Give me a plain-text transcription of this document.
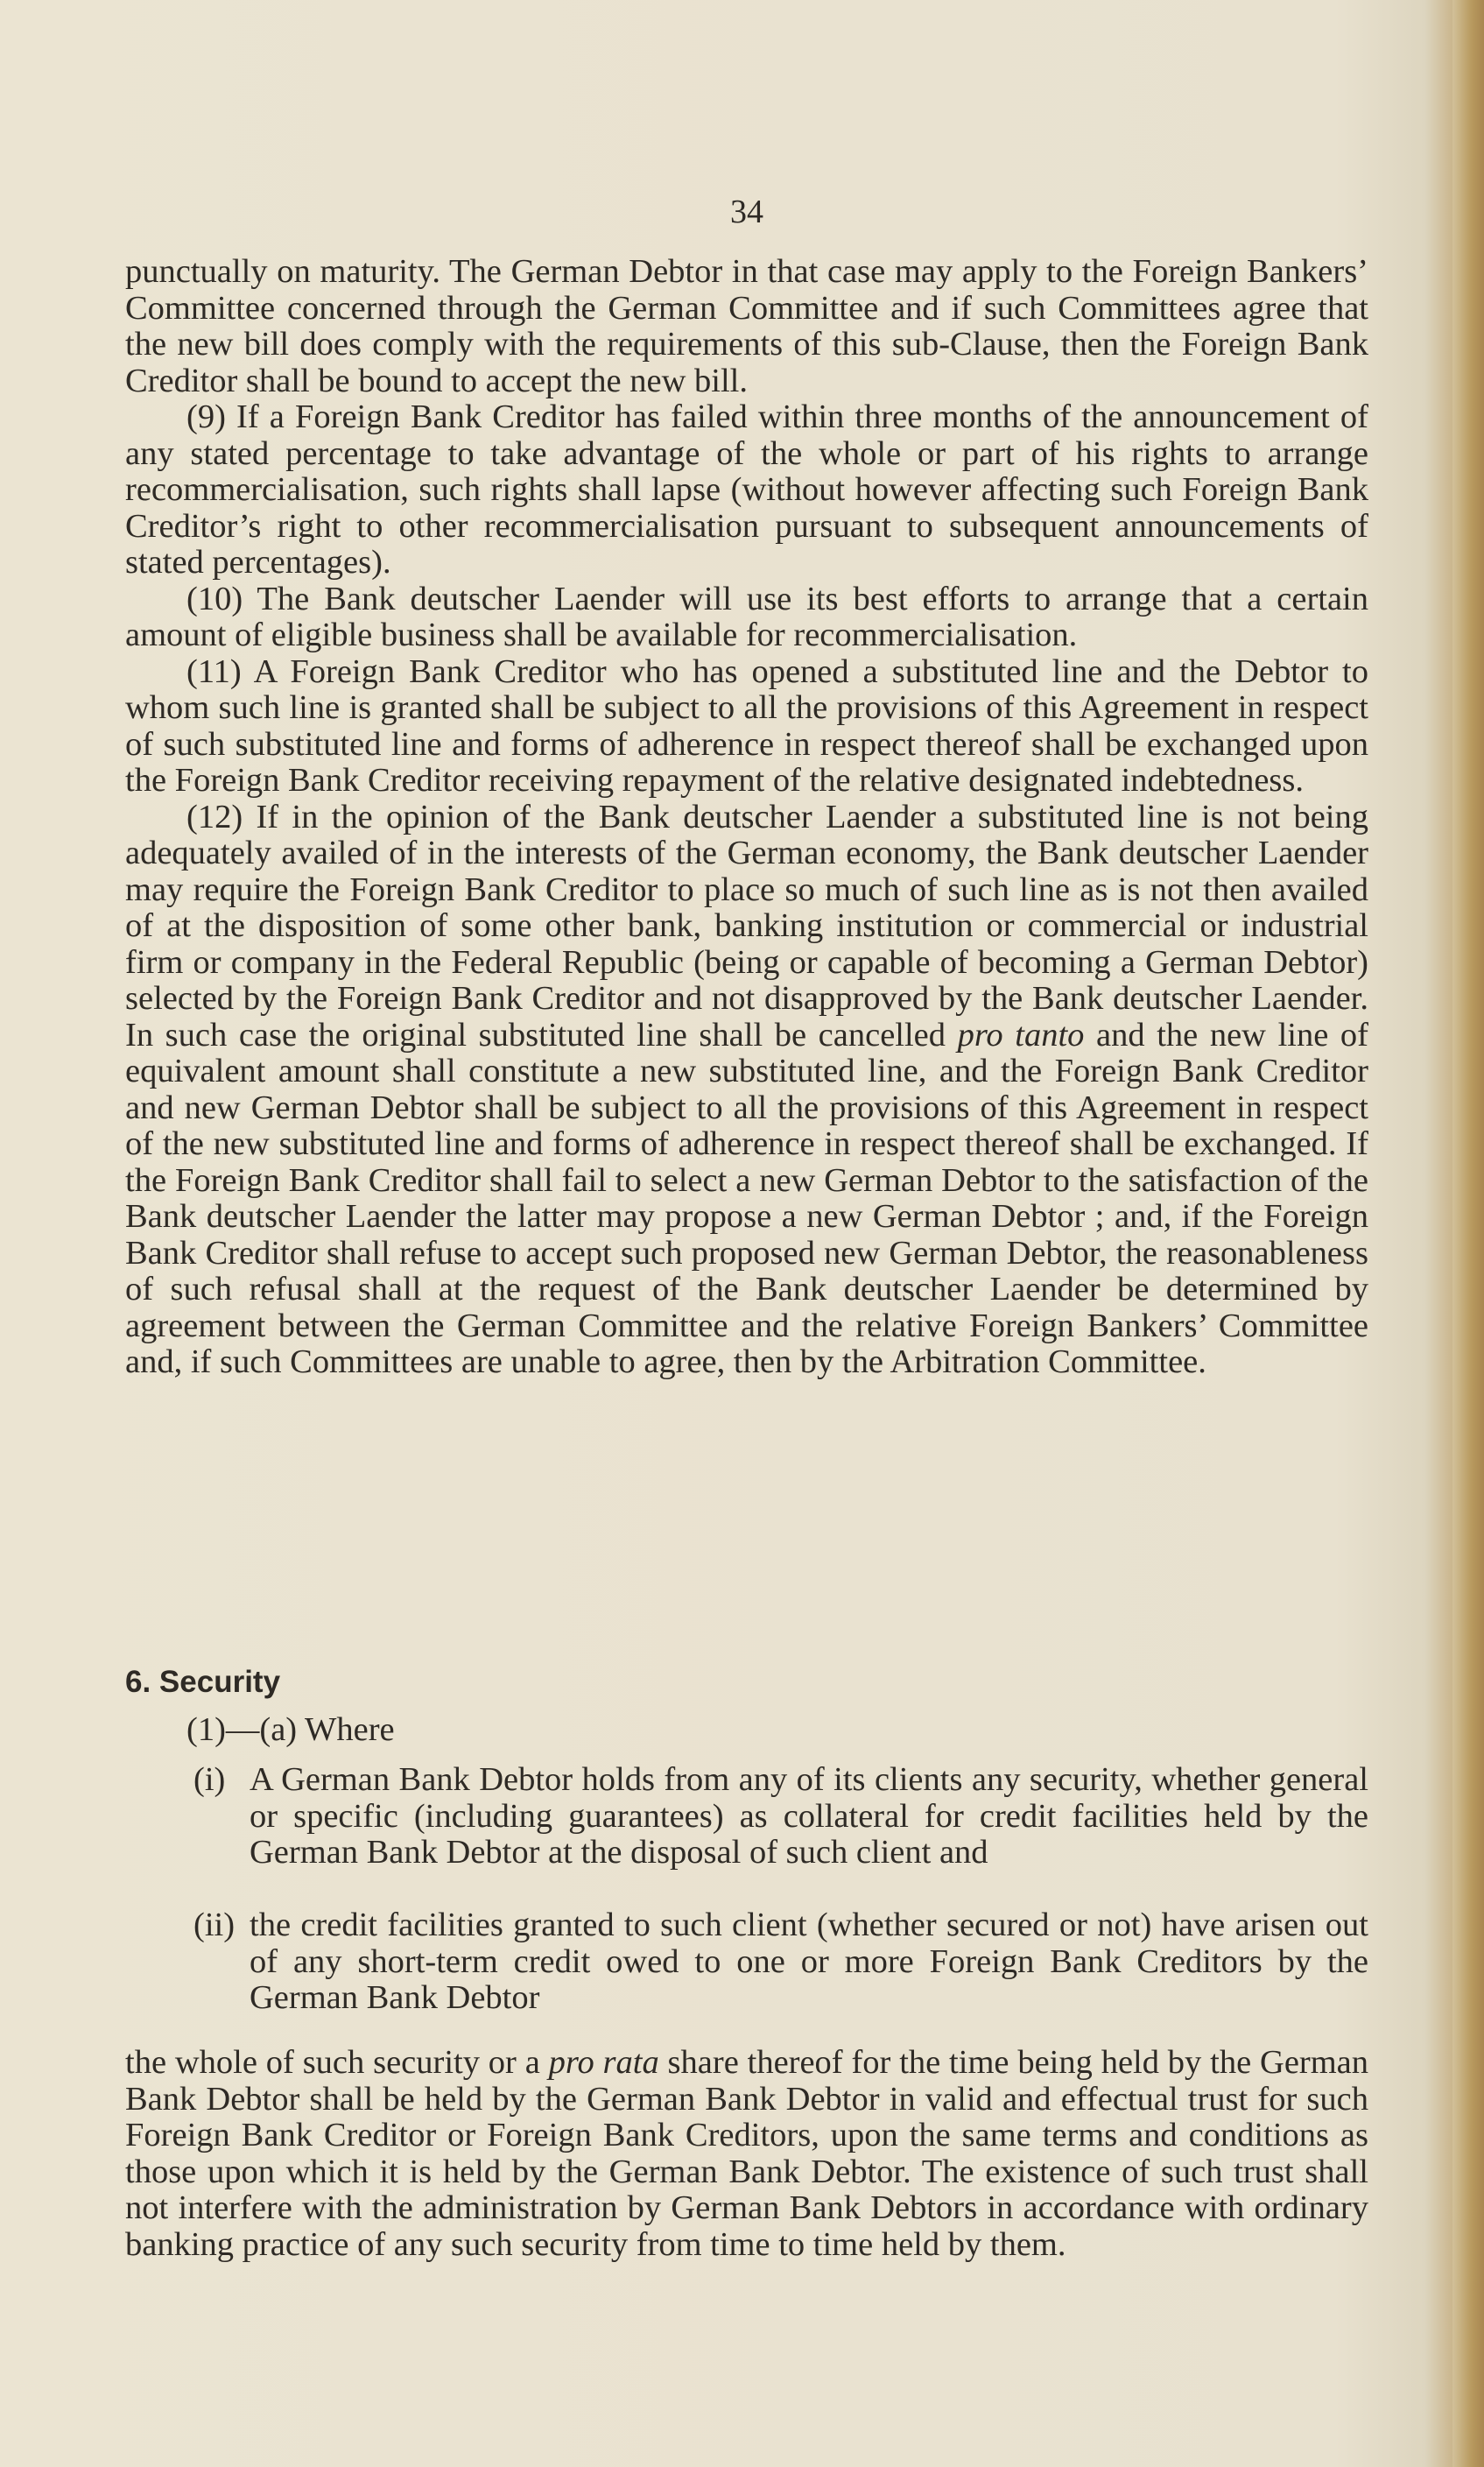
34

punctually on maturity. The German Debtor in that case may apply to the Foreign Bankers’ Committee concerned through the German Committee and if such Committees agree that the new bill does comply with the requirements of this sub-Clause, then the Foreign Bank Creditor shall be bound to accept the new bill.

(9) If a Foreign Bank Creditor has failed within three months of the announcement of any stated percentage to take advantage of the whole or part of his rights to arrange recommercialisation, such rights shall lapse (without however affecting such Foreign Bank Creditor’s right to other recommercialisation pursuant to subsequent announcements of stated percentages).

(10) The Bank deutscher Laender will use its best efforts to arrange that a certain amount of eligible business shall be available for recommercialisation.

(11) A Foreign Bank Creditor who has opened a substituted line and the Debtor to whom such line is granted shall be subject to all the provisions of this Agreement in respect of such substituted line and forms of adherence in respect thereof shall be exchanged upon the Foreign Bank Creditor receiving repayment of the relative designated indebtedness.

(12) If in the opinion of the Bank deutscher Laender a substituted line is not being adequately availed of in the interests of the German economy, the Bank deutscher Laender may require the Foreign Bank Creditor to place so much of such line as is not then availed of at the disposition of some other bank, banking institution or commercial or industrial firm or company in the Federal Republic (being or capable of becoming a German Debtor) selected by the Foreign Bank Creditor and not disapproved by the Bank deutscher Laender. In such case the original substituted line shall be cancelled pro tanto and the new line of equivalent amount shall constitute a new substituted line, and the Foreign Bank Creditor and new German Debtor shall be subject to all the provisions of this Agreement in respect of the new substituted line and forms of adherence in respect thereof shall be exchanged. If the Foreign Bank Creditor shall fail to select a new German Debtor to the satisfaction of the Bank deutscher Laender the latter may propose a new German Debtor ; and, if the Foreign Bank Creditor shall refuse to accept such proposed new German Debtor, the reasonableness of such refusal shall at the request of the Bank deutscher Laender be determined by agreement between the German Committee and the relative Foreign Bankers’ Committee and, if such Committees are unable to agree, then by the Arbitration Committee.

6. Security
(1)—(a) Where
(i) A German Bank Debtor holds from any of its clients any security, whether general or specific (including guarantees) as collateral for credit facilities held by the German Bank Debtor at the disposal of such client and
(ii) the credit facilities granted to such client (whether secured or not) have arisen out of any short-term credit owed to one or more Foreign Bank Creditors by the German Bank Debtor

the whole of such security or a pro rata share thereof for the time being held by the German Bank Debtor shall be held by the German Bank Debtor in valid and effectual trust for such Foreign Bank Creditor or Foreign Bank Creditors, upon the same terms and conditions as those upon which it is held by the German Bank Debtor. The existence of such trust shall not interfere with the administration by German Bank Debtors in accordance with ordinary banking practice of any such security from time to time held by them.
